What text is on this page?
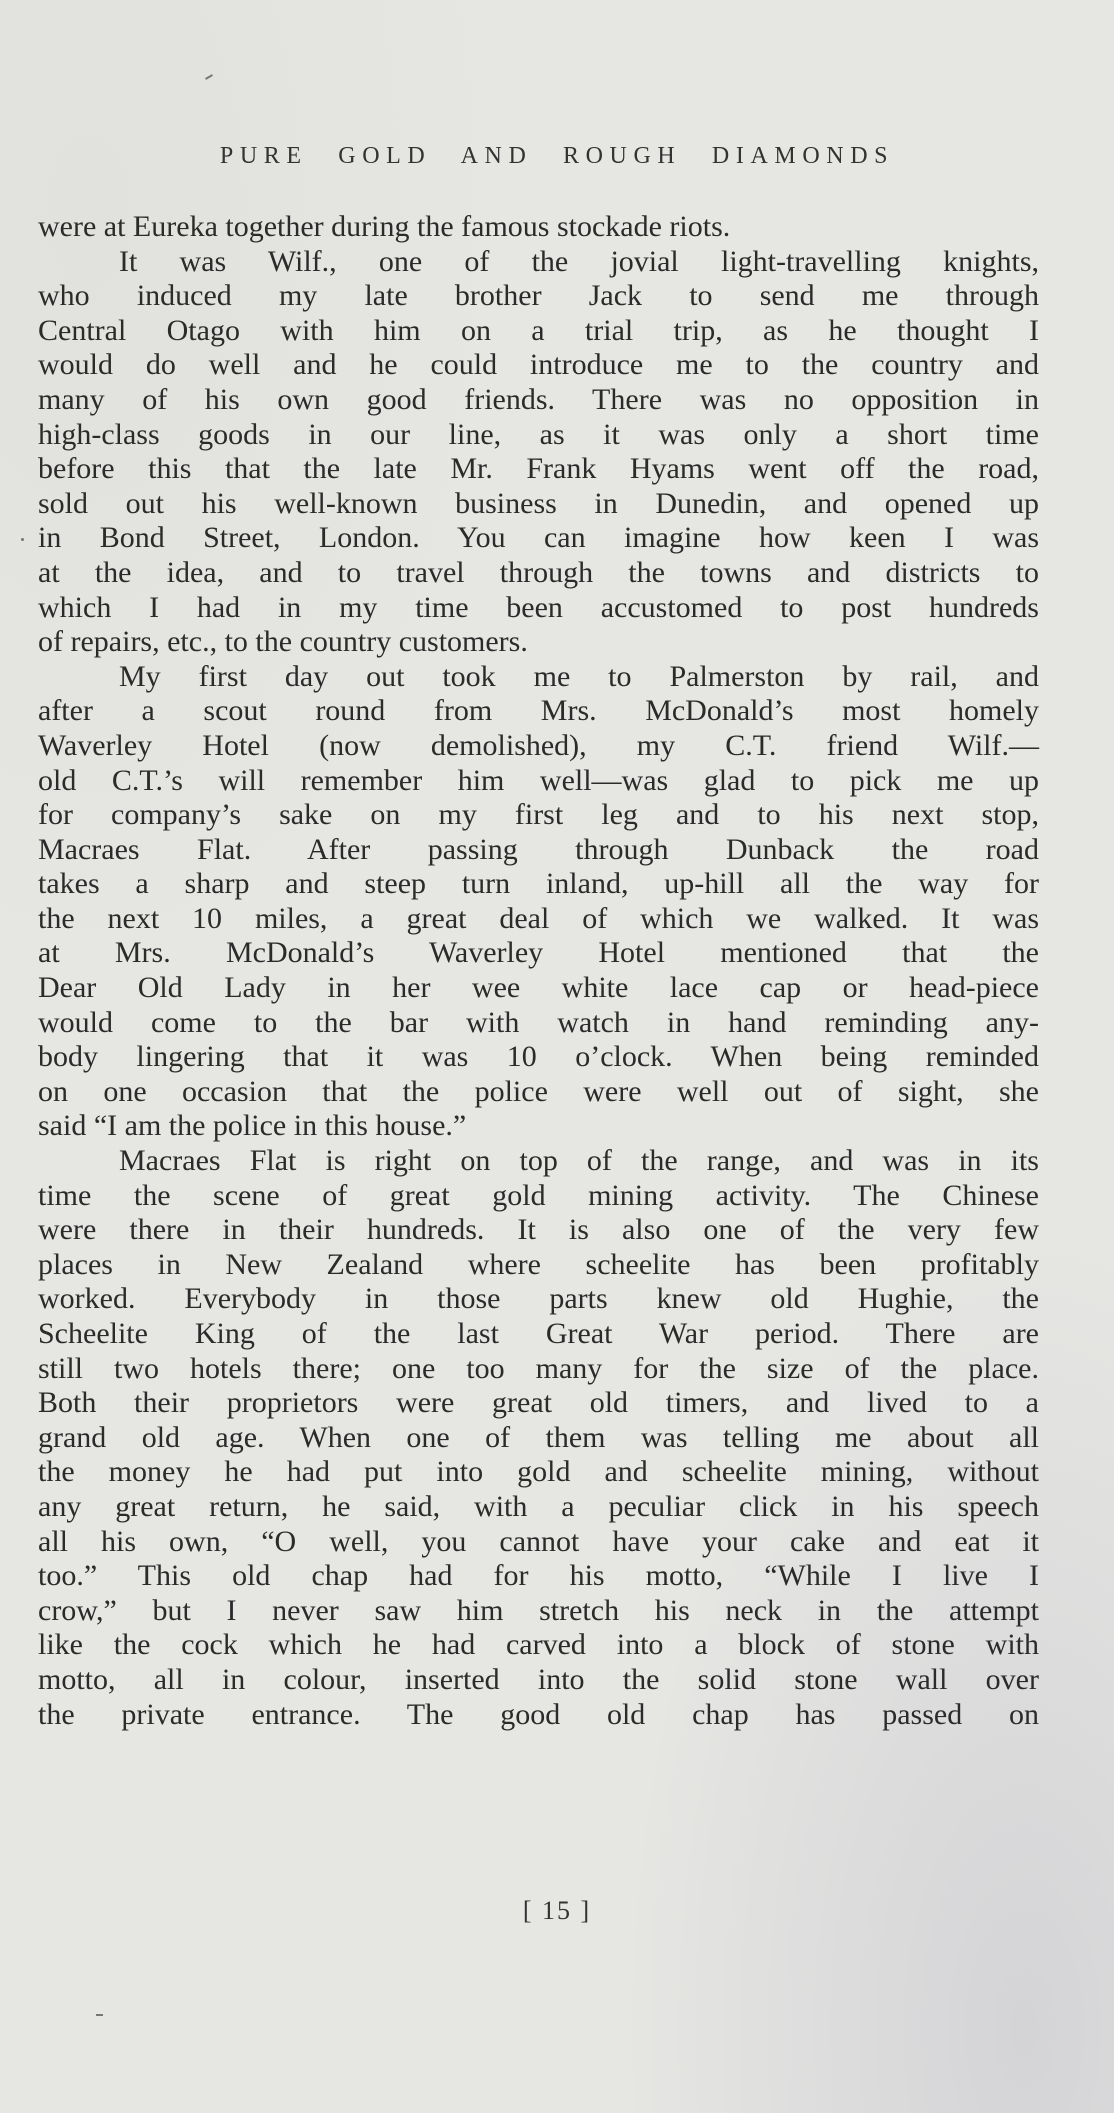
PURE GOLD AND ROUGH DIAMONDS
were at Eureka together during the famous stockade riots.
It was Wilf., one of the jovial light-travelling knights,
who induced my late brother Jack to send me through
Central Otago with him on a trial trip, as he thought I
would do well and he could introduce me to the country and
many of his own good friends. There was no opposition in
high-class goods in our line, as it was only a short time
before this that the late Mr. Frank Hyams went off the road,
sold out his well-known business in Dunedin, and opened up
in Bond Street, London. You can imagine how keen I was
at the idea, and to travel through the towns and districts to
which I had in my time been accustomed to post hundreds
of repairs, etc., to the country customers.
My first day out took me to Palmerston by rail, and
after a scout round from Mrs. McDonald’s most homely
Waverley Hotel (now demolished), my C.T. friend Wilf.—
old C.T.’s will remember him well—was glad to pick me up
for company’s sake on my first leg and to his next stop,
Macraes Flat. After passing through Dunback the road
takes a sharp and steep turn inland, up-hill all the way for
the next 10 miles, a great deal of which we walked. It was
at Mrs. McDonald’s Waverley Hotel mentioned that the
Dear Old Lady in her wee white lace cap or head-piece
would come to the bar with watch in hand reminding any-
body lingering that it was 10 o’clock. When being reminded
on one occasion that the police were well out of sight, she
said “I am the police in this house.”
Macraes Flat is right on top of the range, and was in its
time the scene of great gold mining activity. The Chinese
were there in their hundreds. It is also one of the very few
places in New Zealand where scheelite has been profitably
worked. Everybody in those parts knew old Hughie, the
Scheelite King of the last Great War period. There are
still two hotels there; one too many for the size of the place.
Both their proprietors were great old timers, and lived to a
grand old age. When one of them was telling me about all
the money he had put into gold and scheelite mining, without
any great return, he said, with a peculiar click in his speech
all his own, “O well, you cannot have your cake and eat it
too.” This old chap had for his motto, “While I live I
crow,” but I never saw him stretch his neck in the attempt
like the cock which he had carved into a block of stone with
motto, all in colour, inserted into the solid stone wall over
the private entrance. The good old chap has passed on
[ 15 ]
